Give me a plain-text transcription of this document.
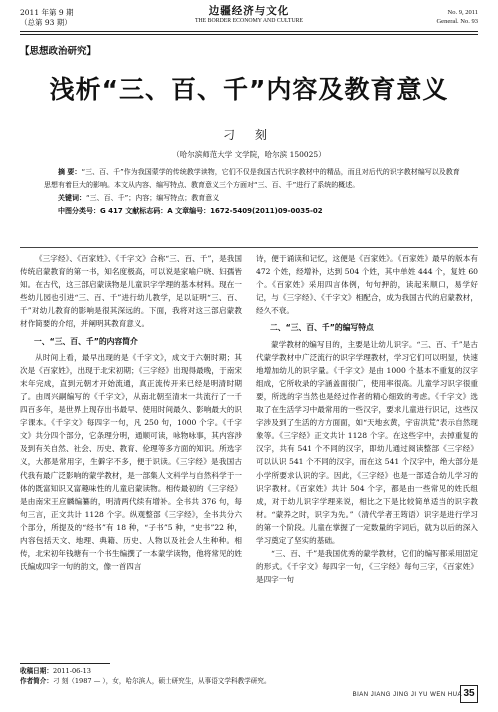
2011 年第 9 期
（总第 93 期）
边疆经济与文化
THE BORDER ECONOMY AND CULTURE
No. 9, 2011
General. No. 93
【思想政治研究】
浅析“三、百、千”内容及教育意义
刁 刻
（哈尔滨师范大学 文学院，哈尔滨 150025）

摘 要：“三、百、千”作为我国蒙学的传统教学读物，它们不仅是我国古代识字教材中的精品，而且对后代的识字教材编写以及教育思想有着巨大的影响。本文从内容、编写特点、教育意义三个方面对“三、百、千”进行了系统的概述。

关键词：“三、百、千”；内容；编写特点；教育意义

中图分类号：G 417 文献标志码：A 文章编号：1672-5409(2011)09-0035-02

《三字经》、《百家姓》、《千字文》合称“三、百、千”，是我国传统启蒙教育的第一书，知名度极高，可以说是家喻户晓、妇孺皆知。在古代，这三部启蒙读物是儿童识字学理的基本材料。现在一些幼儿园也引进“三、百、千”进行幼儿教学，足以证明“三、百、千”对幼儿教育的影响是很其深远的。下面，我将对这三部启蒙教材作简要的介绍，并阐明其教育意义。

一、“三、百、千”的内容简介

从时间上看，最早出现的是《千字文》，成文于六朝时期；其次是《百家姓》，出现于北宋初期；《三字经》出现得最晚，于南宋末年完成，直到元朝才开始流通，真正流传开来已经是明清时期了。由周兴嗣编写的《千字文》，从南北朝至清末一共流行了一千四百多年，是世界上现存出书最早、使用时间最久、影响最大的识字课本。《千字文》每四字一句，凡 250 句，1000 个字。《千字文》共分四个部分，它条理分明，通顺可读，咏物咏事，其内容涉及到有关自然、社会、历史、教育、伦理等多方面的知识。所选字义，大都是常用字，生僻字不多，便于识读。《三字经》是我国古代我有最广泛影响的蒙学教材，是一部集人文科学与自然科学于一体的既富知识又富趣味性的儿童启蒙读物。相传最初的《三字经》是由南宋王应麟编纂的，明清两代续有增补。全书共 376 句，每句三言，正文共计 1128 个字。纵观整部《三字经》，全书共分六个部分，所提及的“经书”有 18 种，“子书”5 种，“史书”22 种，内容包括天文、地理、典籍、历史、人物以及社会人生种种。相传，北宋初年钱塘有一个书生编撰了一本蒙学读物，他将常见的姓氏编成四字一句的韵文，像一首四言

诗，便于诵读和记忆，这便是《百家姓》。《百家姓》最早的版本有 472 个姓，经增补，达到 504 个姓，其中单姓 444 个，复姓 60 个。《百家姓》采用四言体例，句句押韵，读起来顺口，易学好记，与《三字经》、《千字文》相配合，成为我国古代的启蒙教材，经久不衰。

二、“三、百、千”的编写特点

蒙学教材的编写目的，主要是让幼儿识字。“三、百、千”是古代蒙学教材中广泛流行的识字学理教材，学习它们可以明显，快速地增加幼儿的识字量。《千字文》是由 1000 个基本不重复的汉字组成，它所收录的字涵盖面很广，使用率很高。儿童学习识字很重要，所选的字当然也是经过作者的精心细致的考虑。《千字文》选取了在生活学习中最常用的一些汉字，要求儿童进行识记，这些汉字涉及到了生活的方方面面，如“天地玄黄，宇宙洪荒”表示自然现象等。《三字经》正文共计 1128 个字。在这些字中，去掉重复的汉字，共有 541 个不同的汉字，即幼儿通过阅读整部《三字经》可以认识 541 个不同的汉字，而在这 541 个汉字中，绝大部分是小学所要求认识的字。因此，《三字经》也是一部适合幼儿学习的识字教材。《百家姓》共计 504 个字，都是由一些常见的姓氏组成，对于幼儿识字学理来说，相比之下是比较简单适当的识字教材。“蒙养之时，识字为先。”（清代学者王筠语）识字是进行学习的第一个阶段。儿童在掌握了一定数量的字词后，就为以后的深入学习奠定了坚实的基础。

“三、百、千”是我国优秀的蒙学教材，它们的编写都采用固定的形式。《千字文》每四字一句，《三字经》每句三字，《百家姓》是四字一句

收稿日期：2011-06-13
作者简介：刁 刻（1987 — ），女，哈尔滨人，硕士研究生，从事语文学科教学研究。
BIAN JIANG JING JI YU WEN HUA 35
